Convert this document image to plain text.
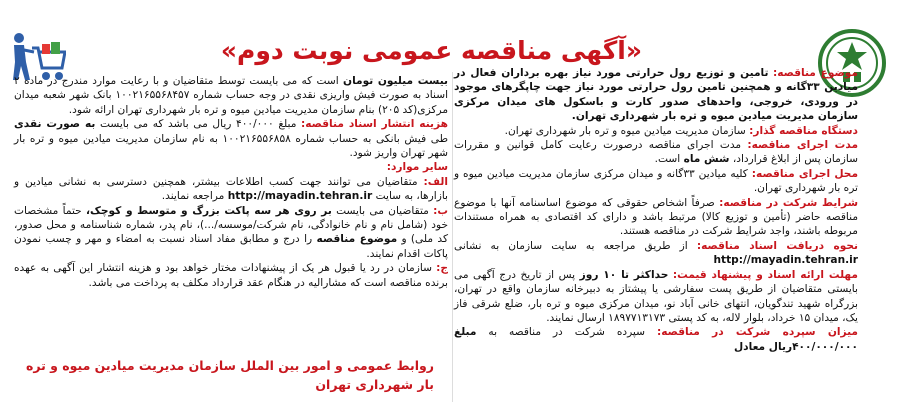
«آگهی مناقصه عمومی نوبت دوم»

موضوع مناقصه: تامین و توزیع رول حرارتی مورد نیاز بهره برداران فعال در میادین ۳۳گانه و همچنین تامین رول حرارتی مورد نیاز جهت چاپگرهای موجود در ورودی، خروجی، واحدهای صدور کارت و باسکول های میدان مرکزی سازمان مدیریت میادین میوه و تره بار شهرداری تهران.

دستگاه مناقصه گذار: سازمان مدیریت میادین میوه و تره بار شهرداری تهران.

مدت اجرای مناقصه: مدت اجرای مناقصه درصورت رعایت کامل قوانین و مقررات سازمان پس از ابلاغ قرارداد، شش ماه است.

محل اجرای مناقصه: کلیه میادین ۳۳گانه و میدان مرکزی سازمان مدیریت میادین میوه و تره بار شهرداری تهران.

شرایط شرکت در مناقصه: صرفاً اشخاص حقوقی که موضوع اساسنامه آنها با موضوع مناقصه حاضر (تأمین و توزیع کالا) مرتبط باشد و دارای کد اقتصادی به همراه مستندات مربوطه باشند، واجد شرایط شرکت در مناقصه هستند.

نحوه دریافت اسناد مناقصه: از طریق مراجعه به سایت سازمان به نشانی http://mayadin.tehran.ir

مهلت ارائه اسناد و پیشنهاد قیمت: حداکثر تا ۱۰ روز پس از تاریخ درج آگهی می بایستی متقاضیان از طریق پست سفارشی یا پیشتاز به دبیرخانه سازمان واقع در تهران، بزرگراه شهید تندگویان، انتهای خانی آباد نو، میدان مرکزی میوه و تره بار، ضلع شرقی فاز یک، میدان ۱۵ خرداد، بلوار لاله، به کد پستی ۱۸۹۷۷۱۳۱۷۳ ارسال نمایند.

میزان سپرده شرکت در مناقصه: سپرده شرکت در مناقصه به مبلغ ۴۰۰/۰۰۰/۰۰۰ریال معادل

بیست میلیون تومان است که می بایست توسط متقاضیان و با رعایت موارد مندرج در ماده ۲ اسناد به صورت فیش واریزی نقدی در وجه حساب شماره ۱۰۰۲۱۶۵۵۶۸۴۵۷ بانک شهر شعبه میدان مرکزی(کد ۲۰۵) بنام سازمان مدیریت میادین میوه و تره بار شهرداری تهران ارائه شود.

هزینه انتشار اسناد مناقصه: مبلغ ۴۰۰/۰۰۰ ریال می باشد که می بایست به صورت نقدی طی فیش بانکی به حساب شماره ۱۰۰۲۱۶۵۵۶۸۵۸ به نام سازمان مدیریت میادین میوه و تره بار شهر تهران واریز شود.

سایر موارد:

الف: متقاضیان می توانند جهت کسب اطلاعات بیشتر، همچنین دسترسی به نشانی میادین و بازارها، به سایت http://mayadin.tehran.ir مراجعه نمایند.

ب: متقاضیان می بایست بر روی هر سه پاکت بزرگ و متوسط و کوچک، حتماً مشخصات خود (شامل نام و نام خانوادگی، نام شرکت/موسسه/...)، نام پدر، شماره شناسنامه و محل صدور، کد ملی) و موضوع مناقصه را درج و مطابق مفاد اسناد نسبت به امضاء و مهر و چسب نمودن پاکات اقدام نمایند.

ج: سازمان در رد یا قبول هر یک از پیشنهادات مختار خواهد بود و هزینه انتشار این آگهی به عهده برنده مناقصه است که مشارالیه در هنگام عقد قرارداد مکلف به پرداخت می باشد.

روابط عمومی و امور بین الملل سازمان مدیریت میادین میوه و تره بار شهرداری تهران
